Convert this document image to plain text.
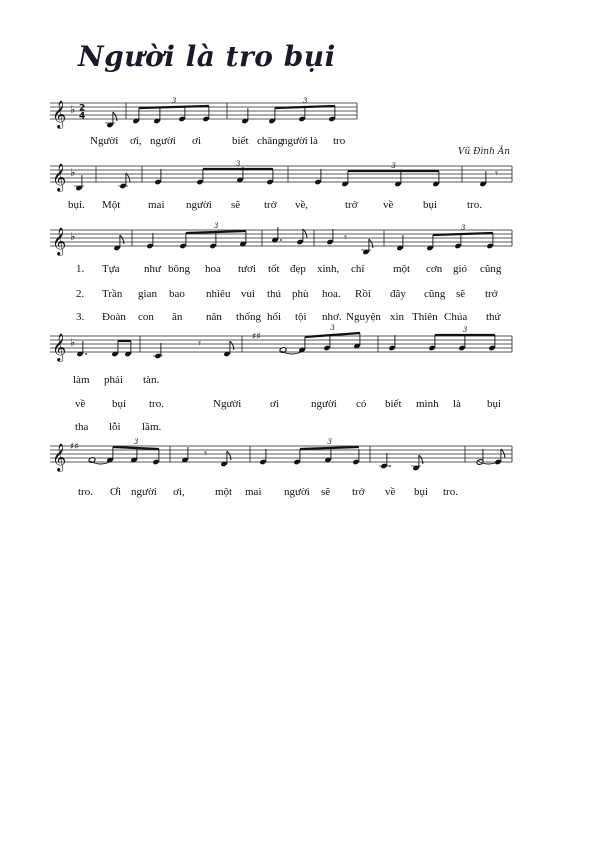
Người là tro bụi
Vũ Đình Ân
𝄞 ♭ 2
4
3	3
𝄞 ♭
3	3
𝄾
𝄞 ♭
3
𝄾
3
𝄞 ♭	𝄾	♯♯
3	3
𝄞 ♯♯	3
𝄾
3
Người ơi, người ơi	biết chăng
người là tro
bụi. Một	mai người sẽ trở về,	trở về	bụi	tro.
1. Tựa như bông hoa tươi tốt đẹp xinh, chỉ	một cơn gió cũng
2. Trần gian bao nhiêu vui thú phù hoa. Rồi đây cũng sẽ trở
3. Đoàn con ăn năn thống hối tội nhơ. Nguyện xin Thiên Chúa thứ
làm phải tàn.
về bụi tro.	Người	ơi	người có biết mình là bụi
tha lỗi lầm.
tro. Ơi người ơi,	một mai người sẽ trở về bụi tro.
